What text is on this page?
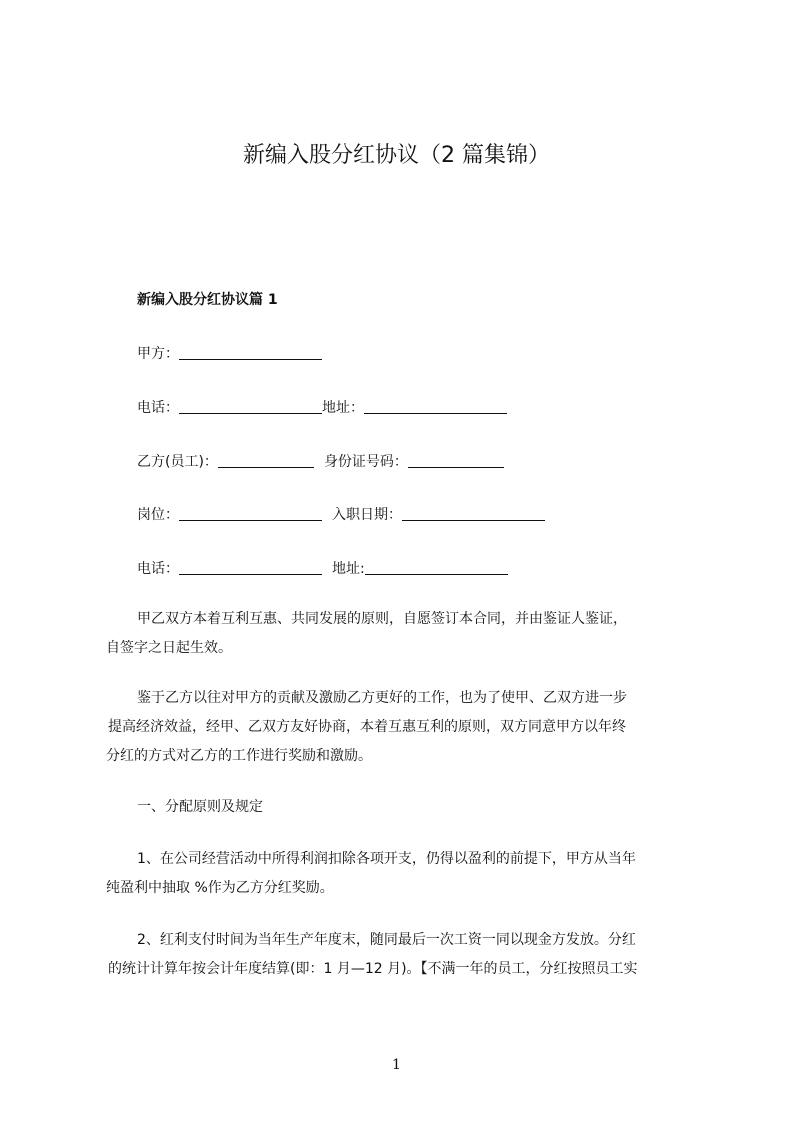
新编入股分红协议（2 篇集锦）
新编入股分红协议篇 1
甲方：
电话：	地址：
乙方(员工)：	身份证号码：
岗位：	入职日期：
电话：	地址:
甲乙双方本着互利互惠、共同发展的原则，自愿签订本合同，并由鉴证人鉴证，
自签字之日起生效。
鉴于乙方以往对甲方的贡献及激励乙方更好的工作，也为了使甲、乙双方进一步
提高经济效益，经甲、乙双方友好协商，本着互惠互利的原则，双方同意甲方以年终
分红的方式对乙方的工作进行奖励和激励。
一、分配原则及规定
1、在公司经营活动中所得利润扣除各项开支，仍得以盈利的前提下，甲方从当年
纯盈利中抽取 %作为乙方分红奖励。
2、红利支付时间为当年生产年度末，随同最后一次工资一同以现金方发放。分红
的统计计算年按会计年度结算(即：1 月—12 月)。【不满一年的员工，分红按照员工实
1
